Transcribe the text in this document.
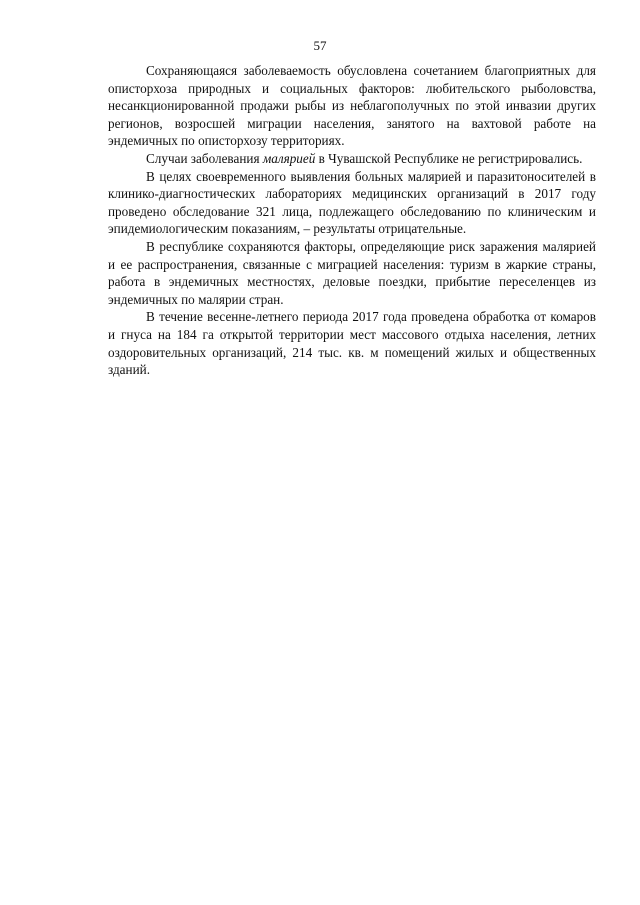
57

Сохраняющаяся заболеваемость обусловлена сочетанием благоприятных для описторхоза природных и социальных факторов: любительского рыболовства, несанкционированной продажи рыбы из неблагополучных по этой инвазии других регионов, возросшей миграции населения, занятого на вахтовой работе на эндемичных по описторхозу территориях.

Случаи заболевания малярией в Чувашской Республике не регистрировались.

В целях своевременного выявления больных малярией и паразитоносителей в клинико-диагностических лабораториях медицинских организаций в 2017 году проведено обследование 321 лица, подлежащего обследованию по клиническим и эпидемиологическим показаниям, – результаты отрицательные.

В республике сохраняются факторы, определяющие риск заражения малярией и ее распространения, связанные с миграцией населения: туризм в жаркие страны, работа в эндемичных местностях, деловые поездки, прибытие переселенцев из эндемичных по малярии стран.

В течение весенне-летнего периода 2017 года проведена обработка от комаров и гнуса на 184 га открытой территории мест массового отдыха населения, летних оздоровительных организаций, 214 тыс. кв. м помещений жилых и общественных зданий.
